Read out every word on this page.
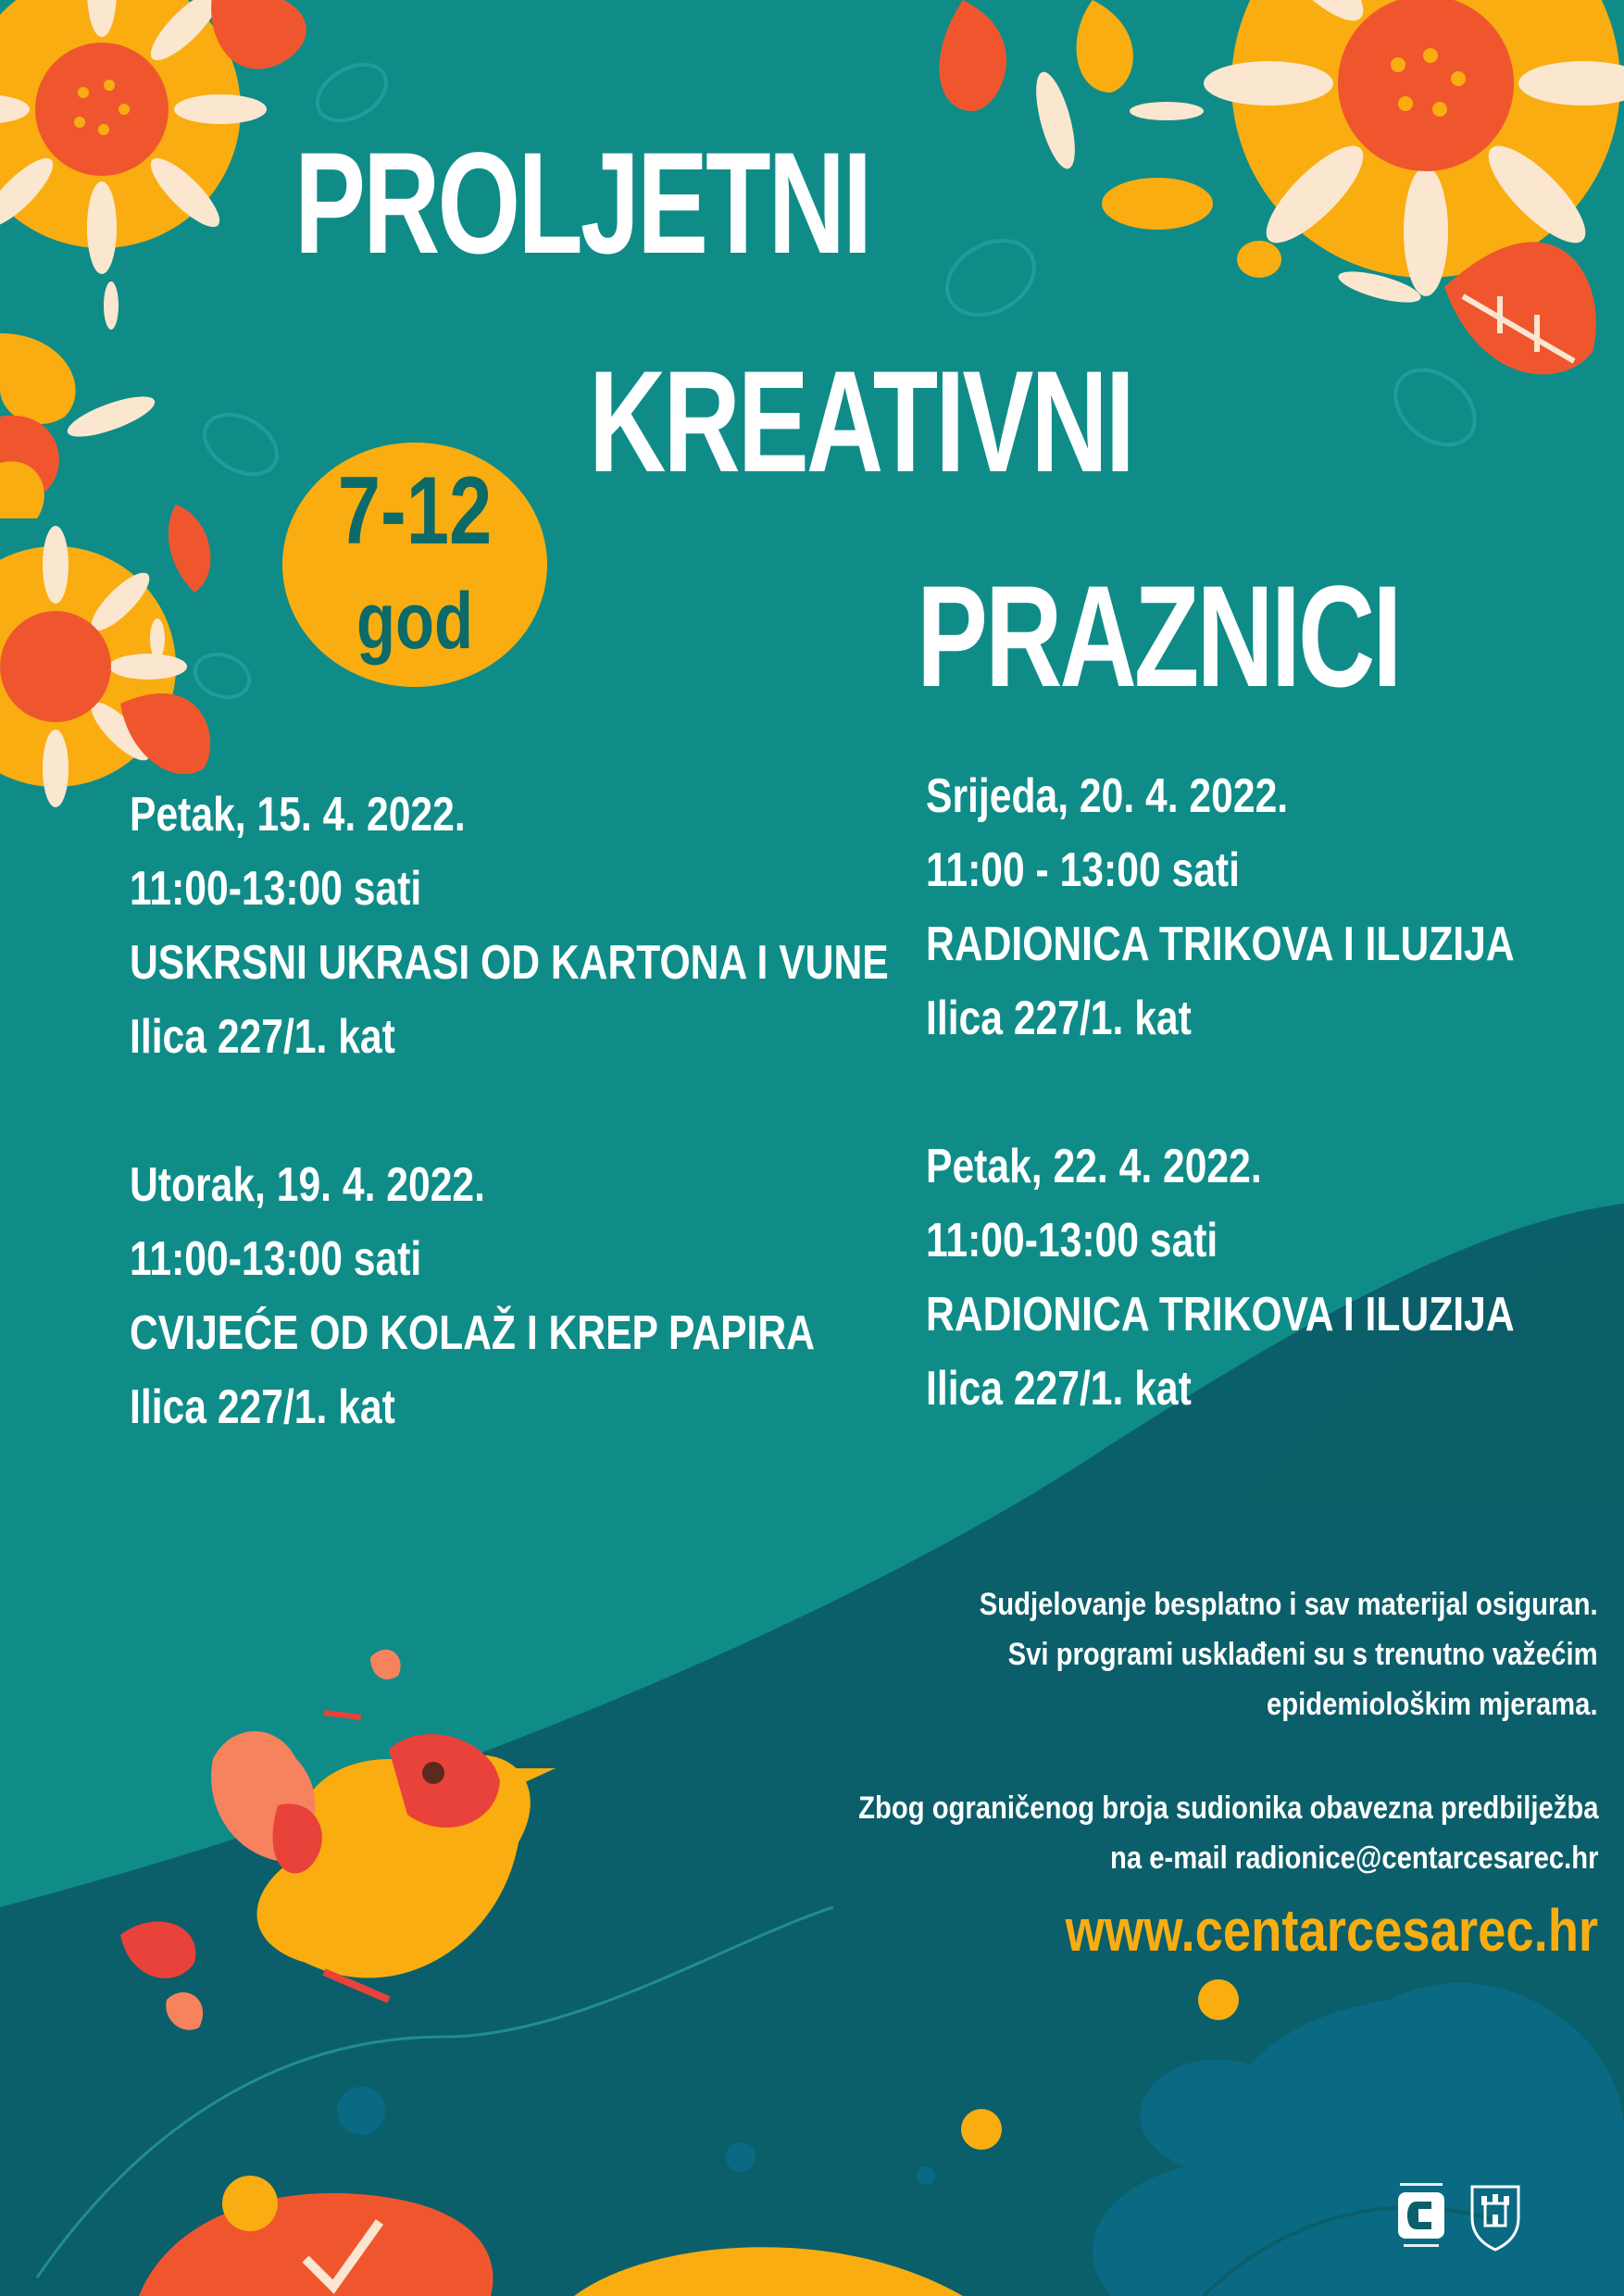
PROLJETNI
KREATIVNI
PRAZNICI
7-12
god
Petak, 15. 4. 2022.
11:00-13:00 sati
USKRSNI UKRASI OD KARTONA I VUNE
Ilica 227/1. kat
Utorak, 19. 4. 2022.
11:00-13:00 sati
CVIJEĆE OD KOLAŽ I KREP PAPIRA
Ilica 227/1. kat
Srijeda, 20. 4. 2022.
11:00 - 13:00 sati
RADIONICA TRIKOVA I ILUZIJA
Ilica 227/1. kat
Petak, 22. 4. 2022.
11:00-13:00 sati
RADIONICA TRIKOVA I ILUZIJA
Ilica 227/1. kat
Sudjelovanje besplatno i sav materijal osiguran.
Svi programi usklađeni su s trenutno važećim
epidemiološkim mjerama.
Zbog ograničenog broja sudionika obavezna predbilježba
na e-mail radionice@centarcesarec.hr
www.centarcesarec.hr
